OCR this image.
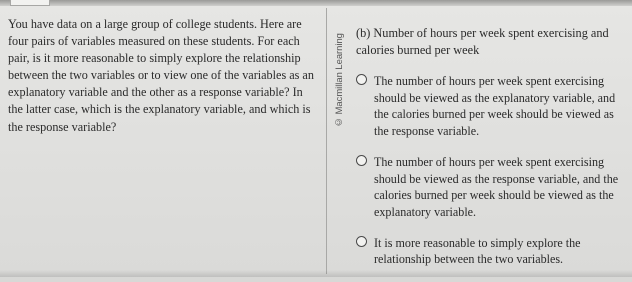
You have data on a large group of college students. Here are four pairs of variables measured on these students. For each pair, is it more reasonable to simply explore the relationship between the two variables or to view one of the variables as an explanatory variable and the other as a response variable? In the latter case, which is the explanatory variable, and which is the response variable?	© Macmillan Learning
(b) Number of hours per week spent exercising and calories burned per week
The number of hours per week spent exercising should be viewed as the explanatory variable, and the calories burned per week should be viewed as the response variable.
The number of hours per week spent exercising should be viewed as the response variable, and the calories burned per week should be viewed as the explanatory variable.
It is more reasonable to simply explore the relationship between the two variables.
